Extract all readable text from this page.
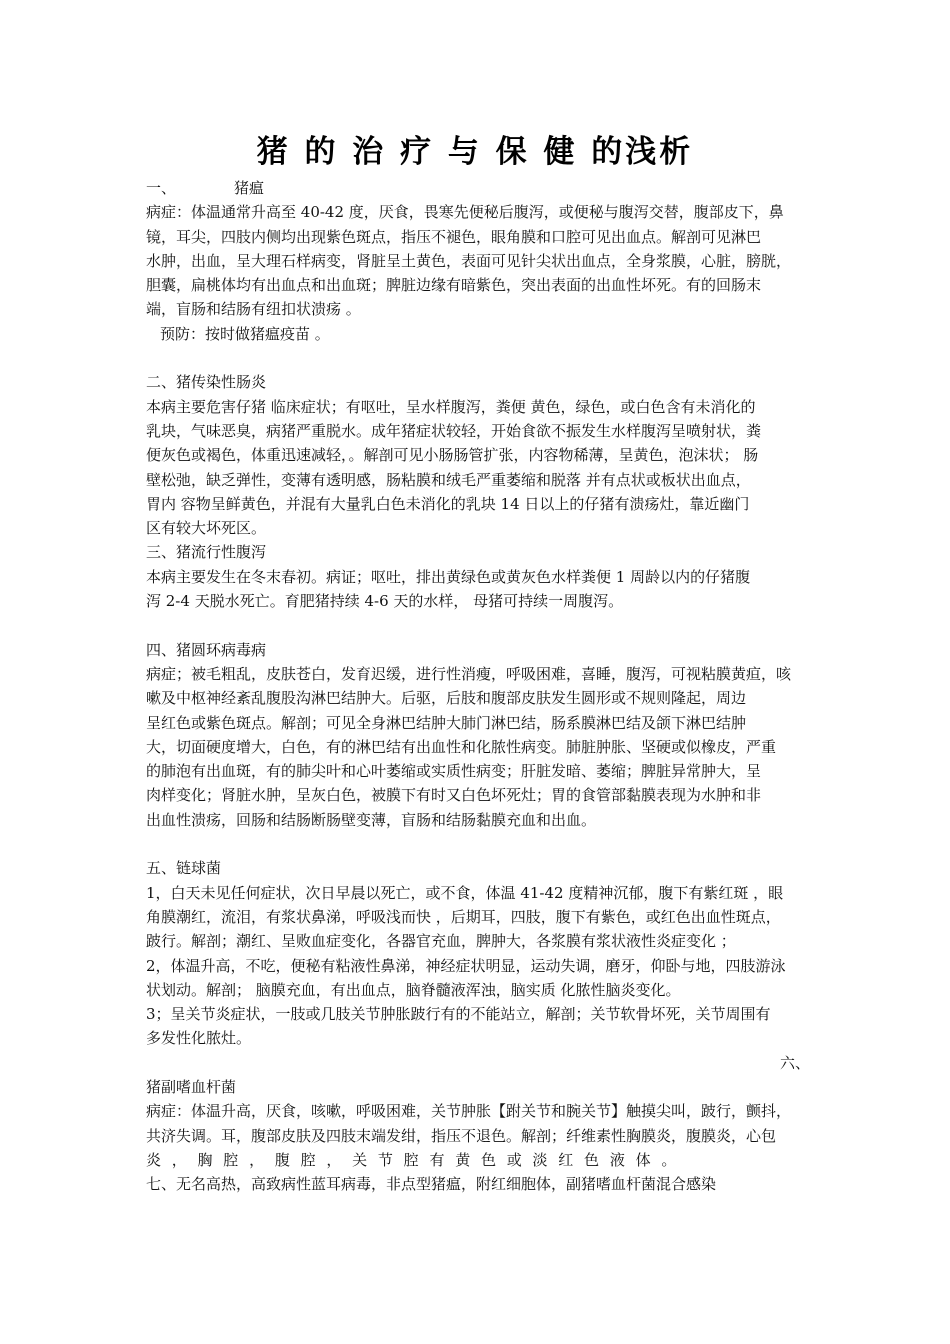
猪 的 治 疗 与 保 健 的浅析
一、	猪瘟
病症：体温通常升高至 40-42 度，厌食，畏寒先便秘后腹泻，或便秘与腹泻交替，腹部皮下，鼻
镜，耳尖，四肢内侧均出现紫色斑点，指压不褪色，眼角膜和口腔可见出血点。解剖可见淋巴
水肿，出血，呈大理石样病变，肾脏呈土黄色，表面可见针尖状出血点，全身浆膜，心脏，膀胱，
胆囊，扁桃体均有出血点和出血斑；脾脏边缘有暗紫色，突出表面的出血性坏死。有的回肠末
端，盲肠和结肠有纽扣状溃疡 。
预防：按时做猪瘟疫苗 。
二、猪传染性肠炎
本病主要危害仔猪 临床症状；有呕吐，呈水样腹泻，粪便 黄色，绿色，或白色含有未消化的
乳块，气味恶臭，病猪严重脱水。成年猪症状较轻，开始食欲不振发生水样腹泻呈喷射状，粪
便灰色或褐色，体重迅速减轻，。解剖可见小肠肠管扩张，内容物稀薄，呈黄色，泡沫状； 肠
壁松弛，缺乏弹性，变薄有透明感，肠粘膜和绒毛严重萎缩和脱落 并有点状或板状出血点，
胃内 容物呈鲜黄色，并混有大量乳白色未消化的乳块 14 日以上的仔猪有溃疡灶，靠近幽门
区有较大坏死区。
三、猪流行性腹泻
本病主要发生在冬末春初。病证；呕吐，排出黄绿色或黄灰色水样粪便 1 周龄以内的仔猪腹
泻 2-4 天脱水死亡。育肥猪持续 4-6 天的水样， 母猪可持续一周腹泻。
四、猪圆环病毒病
病症；被毛粗乱，皮肤苍白，发育迟缓，进行性消瘦，呼吸困难，喜睡，腹泻，可视粘膜黄疸，咳
嗽及中枢神经紊乱腹股沟淋巴结肿大。后驱，后肢和腹部皮肤发生圆形或不规则隆起，周边
呈红色或紫色斑点。解剖；可见全身淋巴结肿大肺门淋巴结，肠系膜淋巴结及颌下淋巴结肿
大，切面硬度增大，白色，有的淋巴结有出血性和化脓性病变。肺脏肿胀、坚硬或似橡皮，严重
的肺泡有出血斑，有的肺尖叶和心叶萎缩或实质性病变；肝脏发暗、萎缩；脾脏异常肿大，呈
肉样变化；肾脏水肿，呈灰白色，被膜下有时又白色坏死灶；胃的食管部黏膜表现为水肿和非
出血性溃疡，回肠和结肠断肠壁变薄，盲肠和结肠黏膜充血和出血。
五、链球菌
1，白天未见任何症状，次日早晨以死亡，或不食，体温 41-42 度精神沉郁，腹下有紫红斑 ，眼
角膜潮红，流泪，有浆状鼻涕，呼吸浅而快 ，后期耳，四肢，腹下有紫色，或红色出血性斑点，
跛行。解剖；潮红、呈败血症变化，各器官充血，脾肿大，各浆膜有浆状液性炎症变化 ；
2，体温升高，不吃，便秘有粘液性鼻涕，神经症状明显，运动失调，磨牙，仰卧与地，四肢游泳
状划动。解剖； 脑膜充血，有出血点，脑脊髓液浑浊，脑实质 化脓性脑炎变化。
3；呈关节炎症状，一肢或几肢关节肿胀跛行有的不能站立，解剖；关节软骨坏死，关节周围有
多发性化脓灶。
六、
猪副嗜血杆菌
病症：体温升高，厌食，咳嗽，呼吸困难，关节肿胀【跗关节和腕关节】触摸尖叫，跛行，颤抖，
共济失调。耳，腹部皮肤及四肢末端发绀，指压不退色。解剖；纤维素性胸膜炎，腹膜炎，心包
炎 ， 胸 腔 ， 腹 腔 ， 关 节 腔 有 黄 色 或 淡 红 色 液 体 。
七、无名高热，高致病性蓝耳病毒，非点型猪瘟，附红细胞体，副猪嗜血杆菌混合感染
